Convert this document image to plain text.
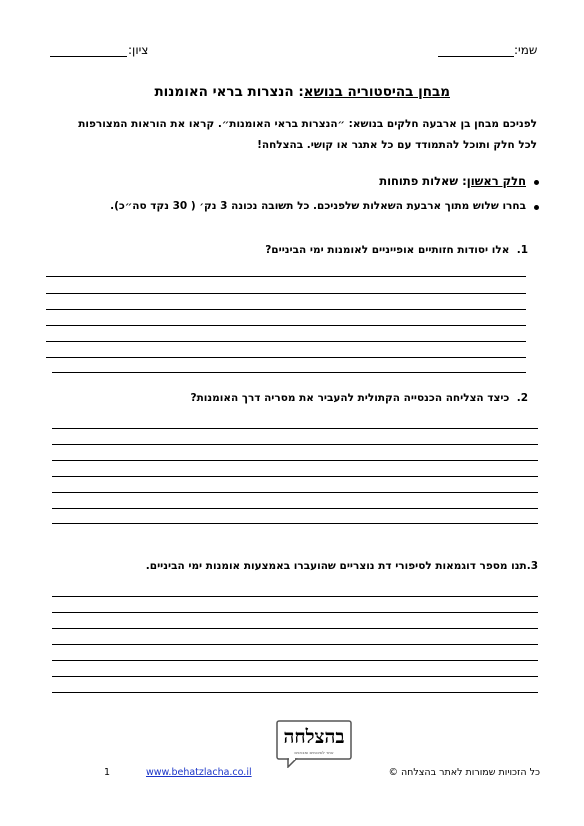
שמי:
ציון:
מבחן בהיסטוריה בנושא: הנצרות בראי האומנות
לפניכם מבחן בן ארבעה חלקים בנושא: ״הנצרות בראי האומנות״. קראו את הוראות המצורפות
לכל חלק ותוכל להתמודד עם כל אתגר או קושי. בהצלחה!
חלק ראשון: שאלות פתוחות
בחרו שלוש מתוך ארבעת השאלות שלפניכם. כל תשובה נכונה 3 נק׳ ( 30 נקד סה״כ).
1.  אלו יסודות חזותיים אופייניים לאומנות ימי הביניים?
2.  כיצד הצליחה הכנסייה הקתולית להעביר את מסריה דרך האומנות?
3.תנו מספר דוגמאות לסיפורי דת נוצריים שהועברו באמצעות אומנות ימי הביניים.
בהצלחה
אתר לסיכומים ומבחנים
1	www.behatzlacha.co.il	כל הזכויות שמורות לאתר בהצלחה ©
